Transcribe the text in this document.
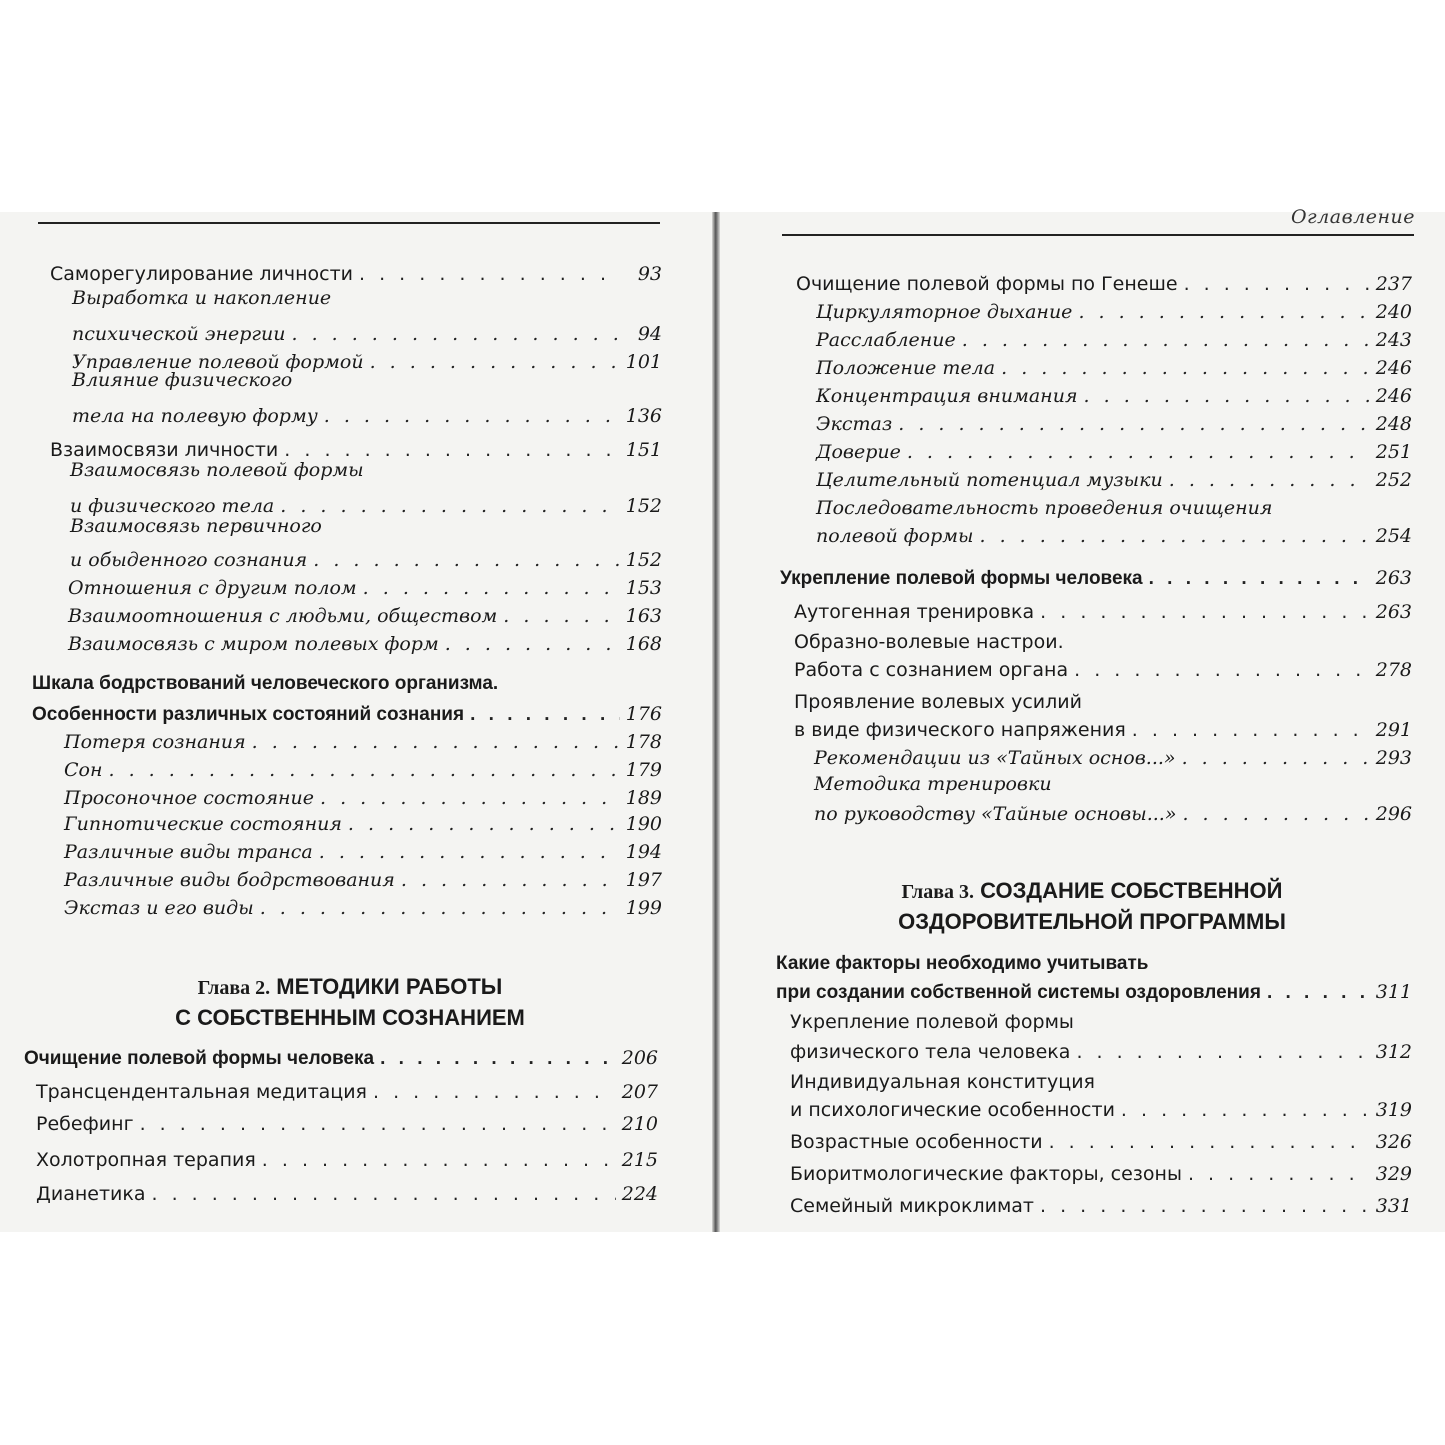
Саморегулирование личности . . .	93
Выработка и накопление
психической энергии . . .	94
Управление полевой формой . . .	101
Влияние физического
тела на полевую форму . . .	136
Взаимосвязи личности . . .	151
Взаимосвязь полевой формы
и физического тела . . .	152
Взаимосвязь первичного
и обыденного сознания . . .	152
Отношения с другим полом . . .	153
Взаимоотношения с людьми, обществом . . .	163
Взаимосвязь с миром полевых форм . . .	168
Шкала бодрствований человеческого организма.
Особенности различных состояний сознания . . .	176
Потеря сознания . . .	178
Сон . . .	179
Просоночное состояние . . .	189
Гипнотические состояния . . .	190
Различные виды транса . . .	194
Различные виды бодрствования . . .	197
Экстаз и его виды . . .	199
Глава 2. МЕТОДИКИ РАБОТЫ
С СОБСТВЕННЫМ СОЗНАНИЕМ
Очищение полевой формы человека . . .	206
Трансцендентальная медитация . . .	207
Ребефинг . . .	210
Холотропная терапия . . .	215
Дианетика . . .	224
Оглавление
Очищение полевой формы по Генеше . . .	237
Циркуляторное дыхание . . .	240
Расслабление . . .	243
Положение тела . . .	246
Концентрация внимания . . .	246
Экстаз . . .	248
Доверие . . .	251
Целительный потенциал музыки . . .	252
Последовательность проведения очищения
полевой формы . . .	254
Укрепление полевой формы человека . . .	263
Аутогенная тренировка . . .	263
Образно-волевые настрои.
Работа с сознанием органа . . .	278
Проявление волевых усилий
в виде физического напряжения . . .	291
Рекомендации из «Тайных основ...» . . .	293
Методика тренировки
по руководству «Тайные основы...» . . .	296
Глава 3. СОЗДАНИЕ СОБСТВЕННОЙ
ОЗДОРОВИТЕЛЬНОЙ ПРОГРАММЫ
Какие факторы необходимо учитывать
при создании собственной системы оздоровления . . .	311
Укрепление полевой формы
физического тела человека . . .	312
Индивидуальная конституция
и психологические особенности . . .	319
Возрастные особенности . . .	326
Биоритмологические факторы, сезоны . . .	329
Семейный микроклимат . . .	331
